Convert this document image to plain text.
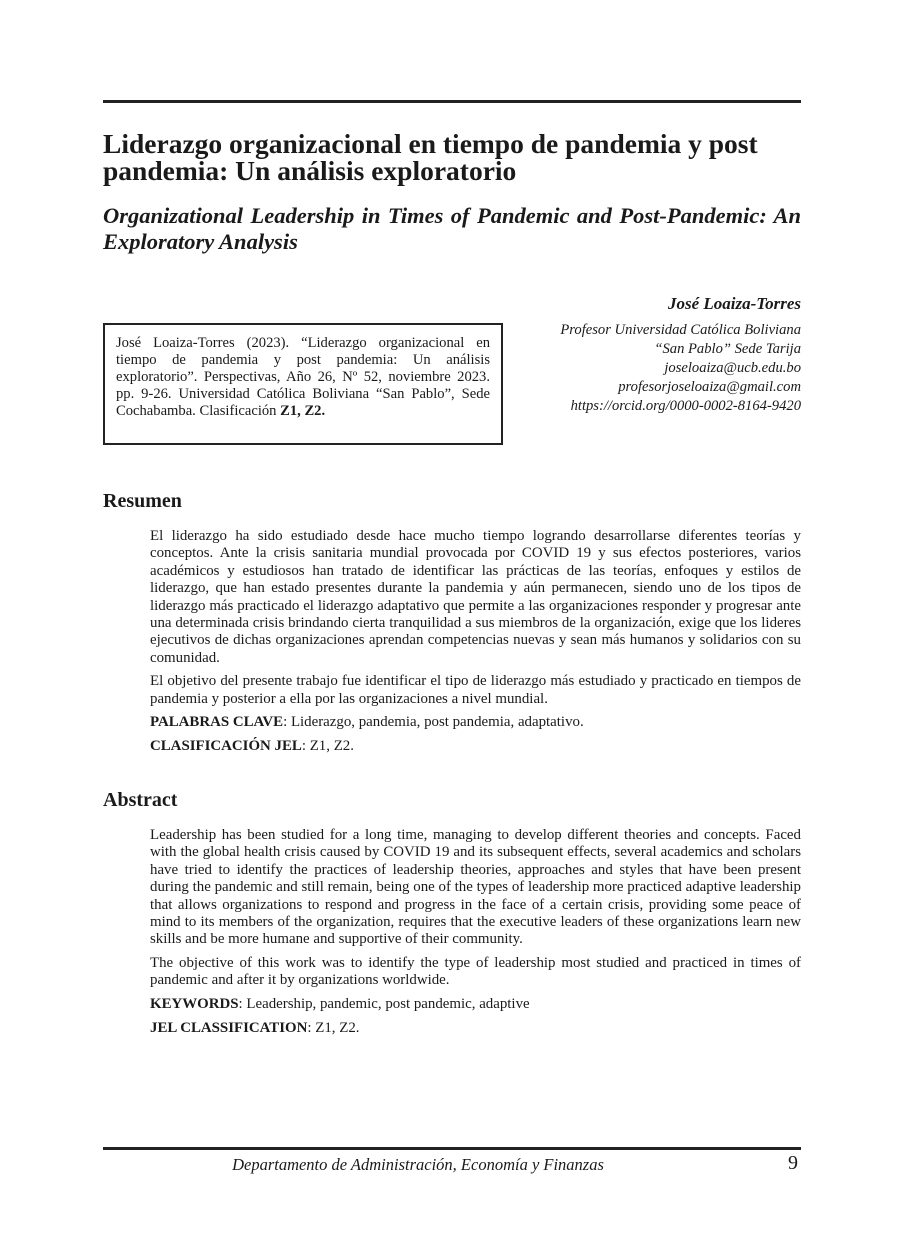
Liderazgo organizacional en tiempo de pandemia y post pandemia: Un análisis exploratorio
Organizational Leadership in Times of Pandemic and Post-Pandemic: An Exploratory Analysis

José Loaiza-Torres

Profesor Universidad Católica Boliviana

“San Pablo” Sede Tarija

joseloaiza@ucb.edu.bo

profesorjoseloaiza@gmail.com

https://orcid.org/0000-0002-8164-9420

José Loaiza-Torres (2023). “Liderazgo organizacional en tiempo de pandemia y post pandemia: Un análisis exploratorio”. Perspectivas, Año 26, Nº 52, noviembre 2023. pp. 9-26. Universidad Católica Boliviana “San Pablo”, Sede Cochabamba. Clasificación Z1, Z2.

Resumen

El liderazgo ha sido estudiado desde hace mucho tiempo logrando desarrollarse diferentes teorías y conceptos. Ante la crisis sanitaria mundial provocada por COVID 19 y sus efectos posteriores, varios académicos y estudiosos han tratado de identificar las prácticas de las teorías, enfoques y estilos de liderazgo, que han estado presentes durante la pandemia y aún permanecen, siendo uno de los tipos de liderazgo más practicado el liderazgo adaptativo que permite a las organizaciones responder y progresar ante una determinada crisis brindando cierta tranquilidad a sus miembros de la organización, exige que los lideres ejecutivos de dichas organizaciones aprendan competencias nuevas y sean más humanos y solidarios con su comunidad.

El objetivo del presente trabajo fue identificar el tipo de liderazgo más estudiado y practicado en tiempos de pandemia y posterior a ella por las organizaciones a nivel mundial.

PALABRAS CLAVE: Liderazgo, pandemia, post pandemia, adaptativo.

CLASIFICACIÓN JEL: Z1, Z2.

Abstract

Leadership has been studied for a long time, managing to develop different theories and concepts. Faced with the global health crisis caused by COVID 19 and its subsequent effects, several academics and scholars have tried to identify the practices of leadership theories, approaches and styles that have been present during the pandemic and still remain, being one of the types of leadership more practiced adaptive leadership that allows organizations to respond and progress in the face of a certain crisis, providing some peace of mind to its members of the organization, requires that the executive leaders of these organizations learn new skills and be more humane and supportive of their community.

The objective of this work was to identify the type of leadership most studied and practiced in times of pandemic and after it by organizations worldwide.

KEYWORDS: Leadership, pandemic, post pandemic, adaptive

JEL CLASSIFICATION: Z1, Z2.

Departamento de Administración, Economía y Finanzas	9
